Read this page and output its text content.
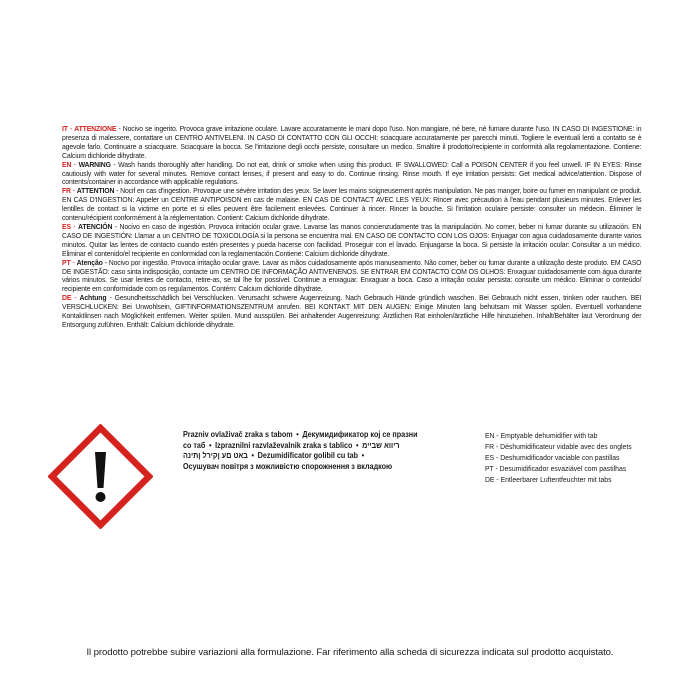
IT - ATTENZIONE - Nocivo se ingerito. Provoca grave irritazione oculare. Lavare accuratamente le mani dopo l'uso. Non mangiare, né bere, né fumare durante l'uso. IN CASO DI INGESTIONE: in presenza di malessere, contattare un CENTRO ANTIVELENI. IN CASO DI CONTATTO CON GLI OCCHI: sciacquare accuratamente per parecchi minuti. Togliere le eventuali lenti a contatto se è agevole farlo. Continuare a sciacquare. Sciacquare la bocca. Se l'irritazione degli occhi persiste, consultare un medico. Smaltire il prodotto/recipiente in conformità alla regolamentazione. Contiene: Calcium dichloride dihydrate.

EN - WARNING - Wash hands thoroughly after handling. Do not eat, drink or smoke when using this product. IF SWALLOWED: Call a POISON CENTER if you feel unwell. IF IN EYES: Rinse cautiously with water for several minutes. Remove contact lenses, if present and easy to do. Continue rinsing. Rinse mouth. If eye irritation persists: Get medical advice/attention. Dispose of contents/container in accordance with applicable regulations.

FR - ATTENTION - Nocif en cas d'ingestion. Provoque une sévère irritation des yeux. Se laver les mains soigneusement après manipulation. Ne pas manger, boire ou fumer en manipulant ce produit. EN CAS D'INGESTION: Appeler un CENTRE ANTIPOISON en cas de malaise. EN CAS DE CONTACT AVEC LES YEUX: Rincer avec précaution à l'eau pendant plusieurs minutes. Enlever les lentilles de contact si la victime en porte et si elles peuvent être facilement enlevées. Continuer à rincer. Rincer la bouche. Si l'irritation oculaire persiste: consulter un médecin. Éliminer le contenu/récipient conformément à la réglementation. Contient: Calcium dichloride dihydrate.

ES - ATENCIÓN - Nocivo en caso de ingestión. Provoca irritación ocular grave. Lavarse las manos concienzudamente tras la manipulación. No comer, beber ni fumar durante su utilización. EN CASO DE INGESTIÓN: Llamar a un CENTRO DE TOXICOLOGÍA si la persona se encuentra mal. EN CASO DE CONTACTO CON LOS OJOS: Enjuagar con agua cuidadosamente durante varios minutos. Quitar las lentes de contacto cuando estén presentes y pueda hacerse con facilidad. Proseguir con el lavado. Enjuagarse la boca. Si persiste la irritación ocular: Consultar a un médico. Eliminar el contenido/el recipiente en conformidad con la reglamentación.Contiene: Calcium dichloride dihydrate.

PT - Atenção - Nocivo por ingestão. Provoca irritação ocular grave. Lavar as mãos cuidadosamente após manuseamento. Não comer, beber ou fumar durante a utilização deste produto. EM CASO DE INGESTÃO: caso sinta indisposição, contacte um CENTRO DE INFORMAÇÃO ANTIVENENOS. SE ENTRAR EM CONTACTO COM OS OLHOS: Enxaguar cuidadosamente com água durante vários minutos. Se usar lentes de contacto, retire-as, se tal lhe for possível. Continue a enxaguar. Enxaguar a boca. Caso a irritação ocular persista: consulte um médico. Eliminar o conteúdo/ recipiente em conformidade com os regulamentos. Contém: Calcium dichloride dihydrate.

DE - Achtung - Gesundheitsschädlich bei Verschlucken. Verursacht schwere Augenreizung. Nach Gebrauch Hände gründlich waschen. Bei Gebrauch nicht essen, trinken oder rauchen. BEI VERSCHLUCKEN: Bei Unwohlsein, GIFTINFORMATIONSZENTRUM anrufen. BEI KONTAKT MIT DEN AUGEN: Einige Minuten lang behutsam mit Wasser spülen. Eventuell vorhandene Kontaktlinsen nach Möglichkeit entfernen. Weiter spülen. Mund ausspülen. Bei anhaltender Augenreizung: Ärztlichen Rat einholen/ärztliche Hilfe hinzuziehen. Inhalt/Behälter laut Verordnung der Entsorgung zuführen. Enthält: Calcium dichloride dihydrate.

Prazniv ovlaživač zraka s tabom • Декумидификатор кој се празни
со таб • Izpraznilni razvlaževalnik zraka s tablico • ריווא שביימ
באט םע ןקירל ןתינה • Dezumidificator golibil cu tab •
Осушувач повітря з можливістю спорожнення з вкладкою
EN - Emptyable dehumidifier with tab
FR - Déshumidificateur vidable avec des onglets
ES - Deshumidificador vaciable con pastillas
PT - Desumidificador esvaziável com pastilhas
DE - Entleerbarer Luftentfeuchter mit tabs
Il prodotto potrebbe subire variazioni alla formulazione. Far riferimento alla scheda di sicurezza indicata sul prodotto acquistato.
